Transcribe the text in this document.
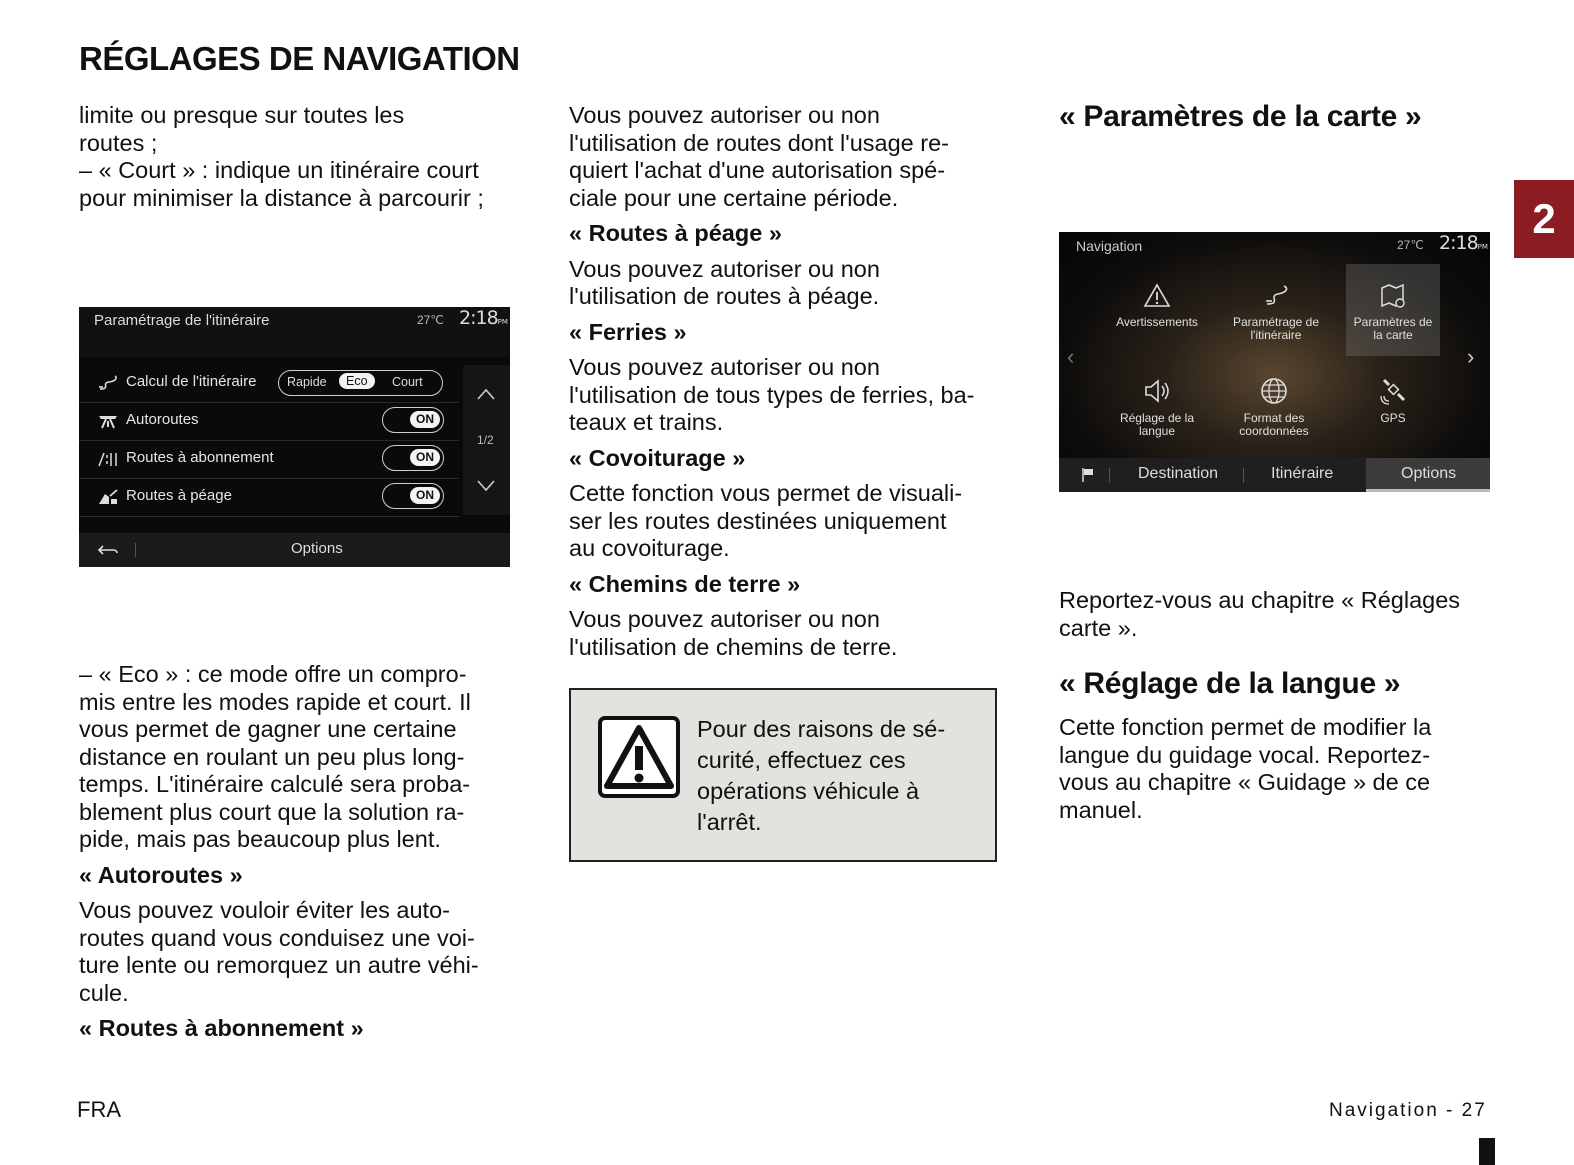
RÉGLAGES DE NAVIGATION
2

limite ou presque sur toutes les

routes ;

– « Court » : indique un itinéraire court

pour minimiser la distance à parcourir ;

Paramétrage de l'itinéraire	27℃ 2:18PM
Calcul de l'itinéraire Rapide	Eco	Court
Autoroutes	ON
Routes à abonnement	ON
Routes à péage	ON
1/2
Options

– « Eco » : ce mode offre un compro-

mis entre les modes rapide et court. Il

vous permet de gagner une certaine

distance en roulant un peu plus long-

temps. L'itinéraire calculé sera proba-

blement plus court que la solution ra-

pide, mais pas beaucoup plus lent.

« Autoroutes »

Vous pouvez vouloir éviter les auto-

routes quand vous conduisez une voi-

ture lente ou remorquez un autre véhi-

cule.

« Routes à abonnement »

Vous pouvez autoriser ou non

l'utilisation de routes dont l'usage re-

quiert l'achat d'une autorisation spé-

ciale pour une certaine période.

« Routes à péage »

Vous pouvez autoriser ou non

l'utilisation de routes à péage.

« Ferries »

Vous pouvez autoriser ou non

l'utilisation de tous types de ferries, ba-

teaux et trains.

« Covoiturage »

Cette fonction vous permet de visuali-

ser les routes destinées uniquement

au covoiturage.

« Chemins de terre »

Vous pouvez autoriser ou non

l'utilisation de chemins de terre.

Pour des raisons de sé-
curité, effectuez ces
opérations véhicule à
l'arrêt.
« Paramètres de la carte »
Navigation	27℃ 2:18PM
‹	›
Avertissements	Paramétrage de
l'itinéraire
Paramètres de
la carte
Réglage de la
langue
Format des
coordonnées
GPS
Destination	Itinéraire	Options

Reportez-vous au chapitre « Réglages

carte ».

« Réglage de la langue »

Cette fonction permet de modifier la

langue du guidage vocal. Reportez-

vous au chapitre « Guidage » de ce

manuel.

FRA	Navigation - 27
